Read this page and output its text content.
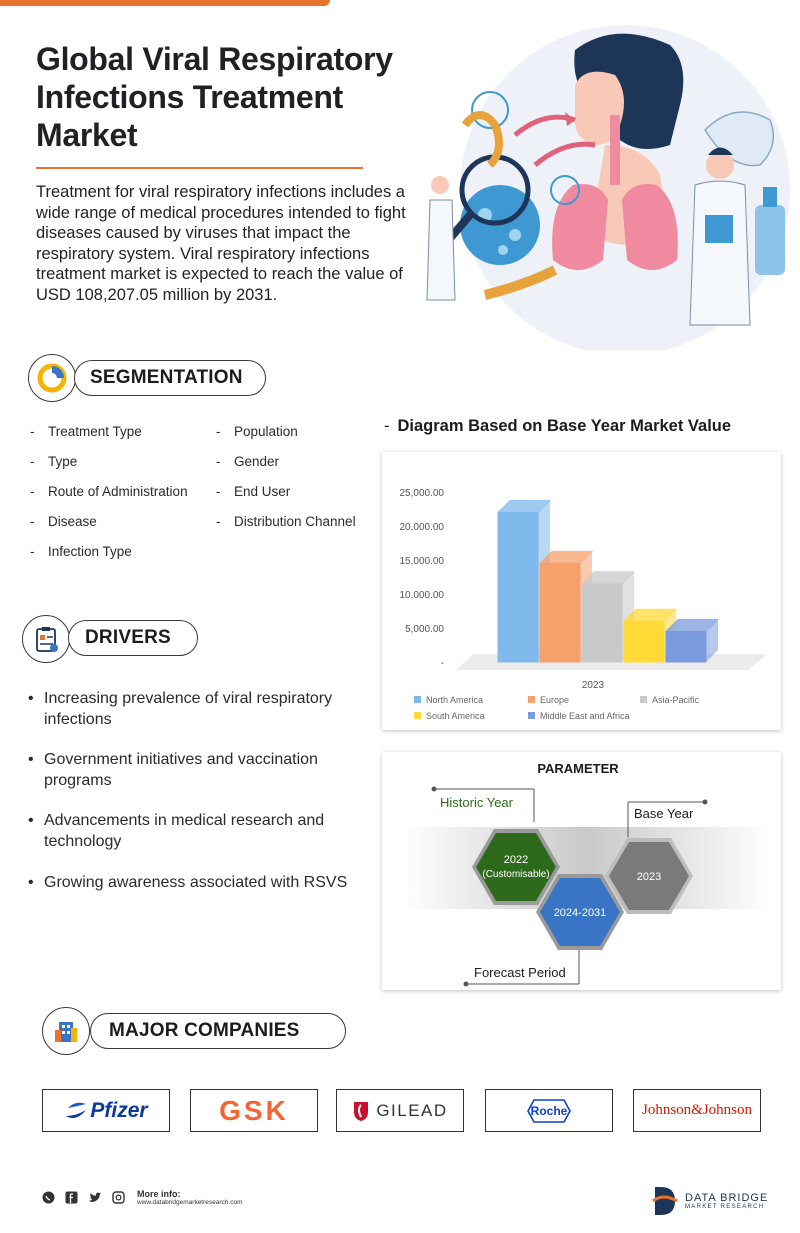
Global Viral Respiratory
Infections Treatment
Market
Treatment for viral respiratory infections includes a wide range of medical procedures intended to fight diseases caused by viruses that impact the respiratory system. Viral respiratory infections treatment market is expected to reach the value of USD 108,207.05 million by 2031.
SEGMENTATION
- Treatment Type
- Type
- Route of Administration
- Disease
- Infection Type
- Population
- Gender
- End User
- Distribution Channel
DRIVERS
• Increasing prevalence of viral respiratory infections
• Government initiatives and vaccination programs
• Advancements in medical research and technology
• Growing awareness associated with RSVS
- Diagram Based on Base Year Market Value
25,000.00
20,000.00
15,000.00
10,000.00
5,000.00
-
2023
North America	Europe	Asia-Pacific
South America	Middle East and Africa
PARAMETER
Historic Year
2022
(Customisable)
2024-2031
2023
Base Year
Forecast Period
MAJOR COMPANIES
Pfizer	GSK	GILEAD	Roche	Johnson&Johnson
More info:
www.databridgemarketresearch.com	DATA BRIDGE
MARKET RESEARCH
